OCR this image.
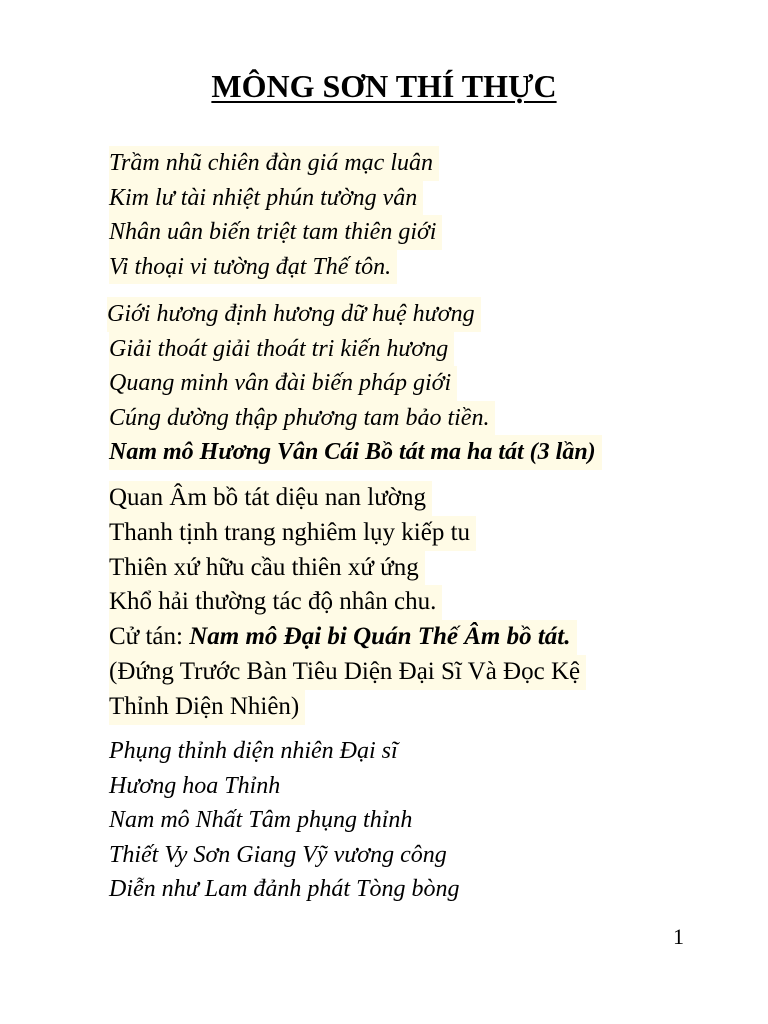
MÔNG SƠN THÍ THỰC
Trầm nhũ chiên đàn giá mạc luân
Kim lư tài nhiệt phún tường vân
Nhân uân biến triệt tam thiên giới
Vi thoại vi tường đạt Thế tôn.
Giới hương định hương dữ huệ hương
Giải thoát giải thoát tri kiến hương
Quang minh vân đài biến pháp giới
Cúng dường thập phương tam bảo tiền.
Nam mô Hương Vân Cái Bồ tát ma ha tát (3 lần)
Quan Âm bồ tát diệu nan lường
Thanh tịnh trang nghiêm lụy kiếp tu
Thiên xứ hữu cầu thiên xứ ứng
Khổ hải thường tác độ nhân chu.
Cử tán: Nam mô Đại bi Quán Thế Âm bồ tát.
(Đứng Trước Bàn Tiêu Diện Đại Sĩ Và Đọc Kệ
Thỉnh Diện Nhiên)
Phụng thỉnh diện nhiên Đại sĩ
Hương hoa Thỉnh
Nam mô Nhất Tâm phụng thỉnh
Thiết Vy Sơn Giang Vỹ vương công
Diễn như Lam đảnh phát Tòng bòng
1
